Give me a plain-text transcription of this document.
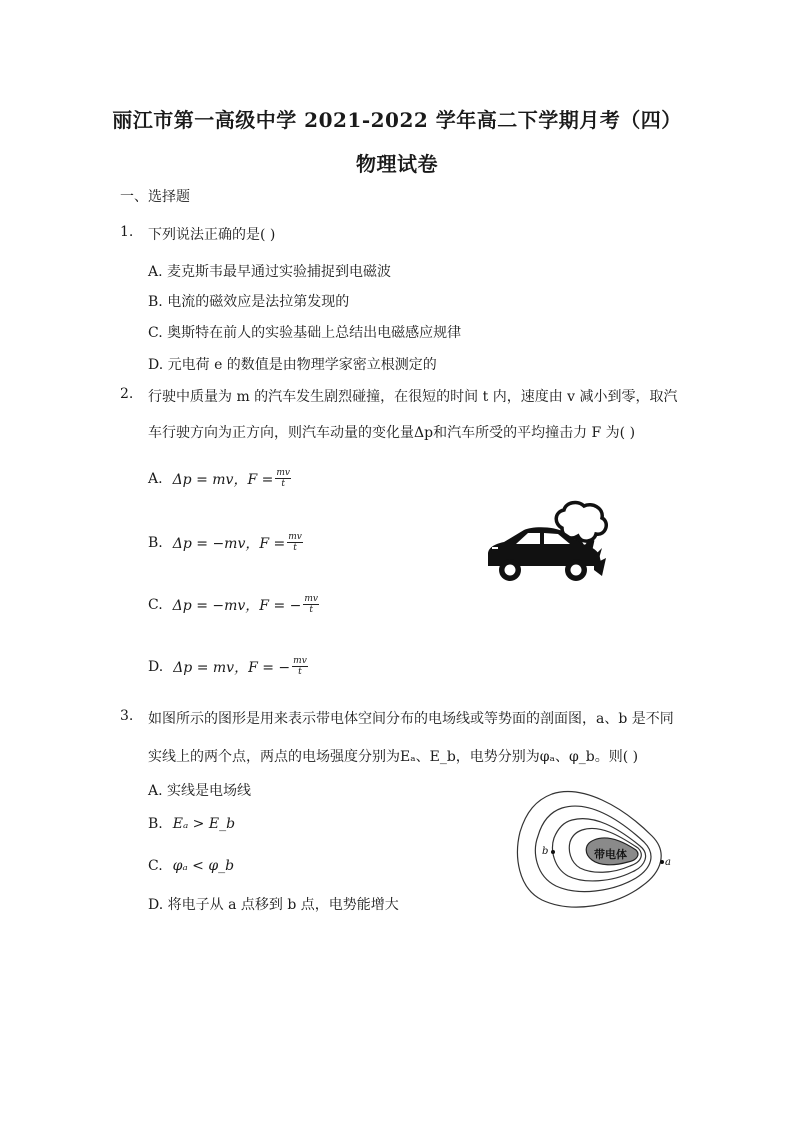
丽江市第一高级中学 2021-2022 学年高二下学期月考（四）
物理试卷
一、选择题
1. 下列说法正确的是( )
A. 麦克斯韦最早通过实验捕捉到电磁波
B. 电流的磁效应是法拉第发现的
C. 奥斯特在前人的实验基础上总结出电磁感应规律
D. 元电荷 e 的数值是由物理学家密立根测定的
2. 行驶中质量为 m 的汽车发生剧烈碰撞，在很短的时间 t 内，速度由 v 减小到零，取汽
车行驶方向为正方向，则汽车动量的变化量Δp和汽车所受的平均撞击力 F 为( )
A. Δp = mv，$F = \frac{mv}{t}$
B. Δp = −mv，$F = \frac{mv}{t}$
C. Δp = −mv，F = − $\frac{mv}{t}$
D. Δp = mv，F = − $\frac{mv}{t}$
3. 如图所示的图形是用来表示带电体空间分布的电场线或等势面的剖面图，a、b 是不同
实线上的两个点，两点的电场强度分别为Eₐ、E_b，电势分别为φₐ、φ_b。则( )
A. 实线是电场线
B. Eₐ > E_b
C. φₐ < φ_b
D. 将电子从 a 点移到 b 点，电势能增大
带电体
b
a
